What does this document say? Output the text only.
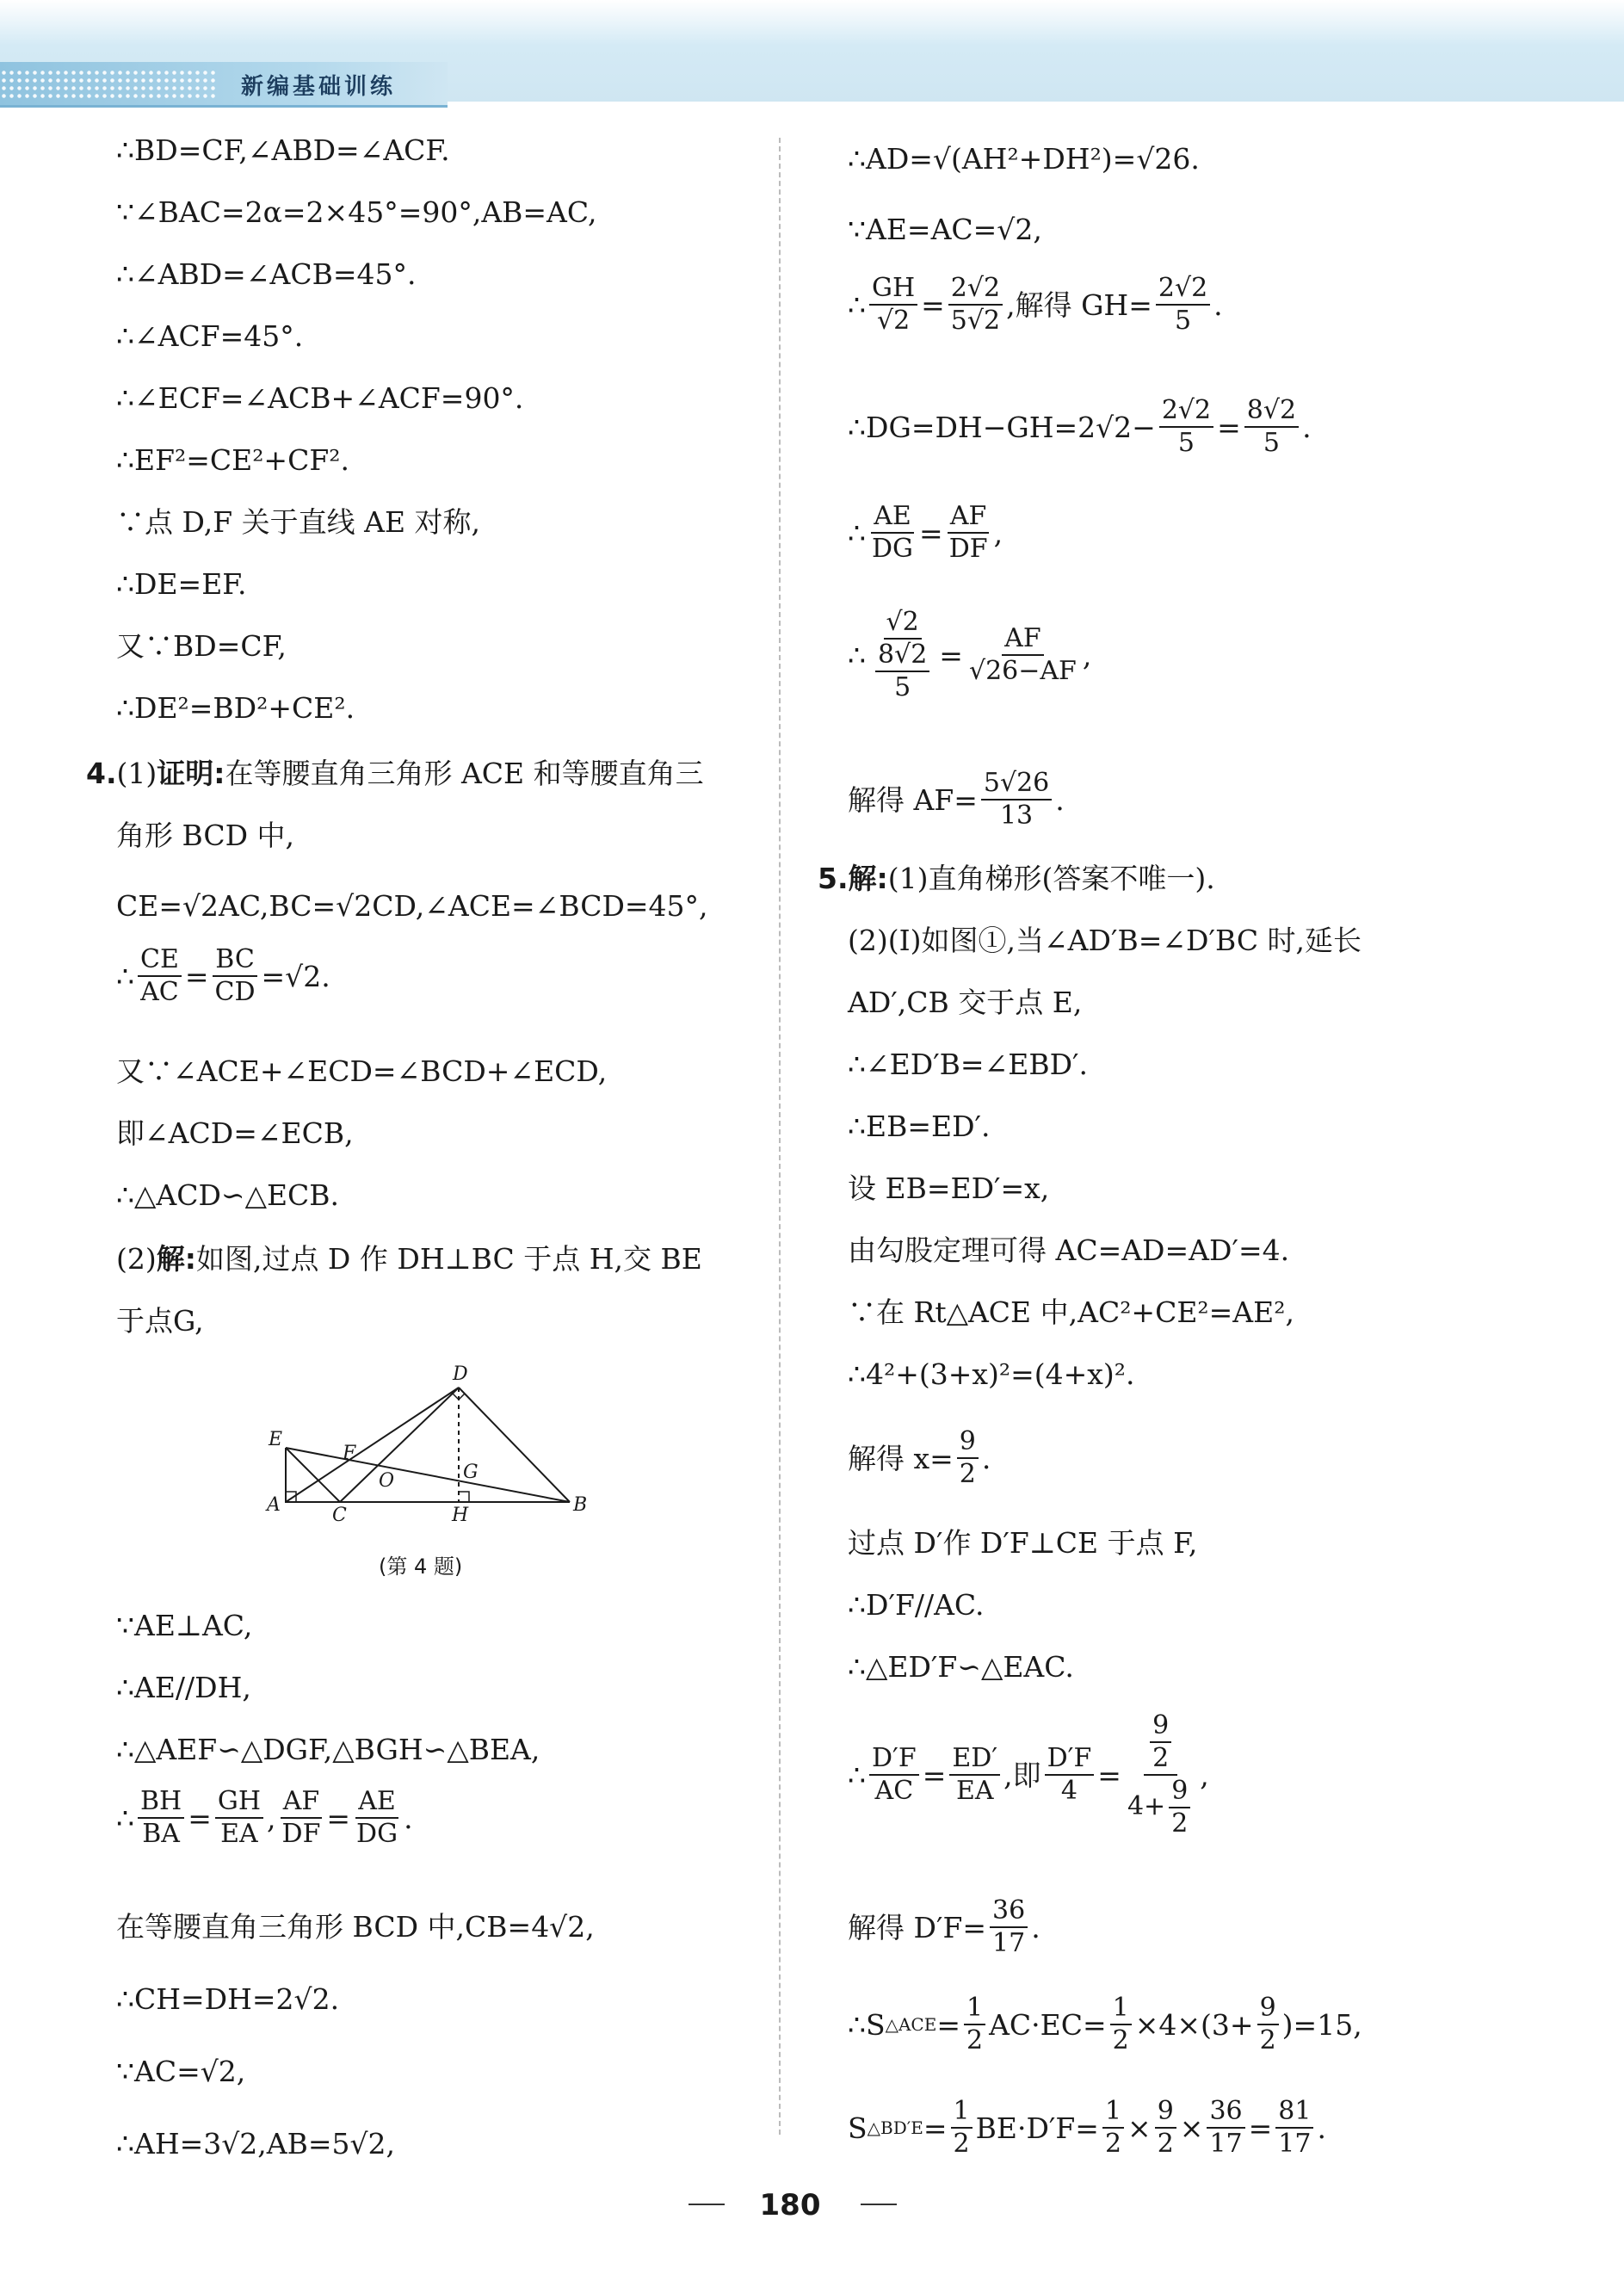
新编基础训练
∴BD=CF,∠ABD=∠ACF.
∵∠BAC=2α=2×45°=90°,AB=AC,
∴∠ABD=∠ACB=45°.
∴∠ACF=45°.
∴∠ECF=∠ACB+∠ACF=90°.
∴EF²=CE²+CF².
∵点 D,F 关于直线 AE 对称,
∴DE=EF.
又∵BD=CF,
∴DE²=BD²+CE².
4. (1) 证明: 在等腰直角三角形 ACE 和等腰直角三
角形 BCD 中,
CE=√2AC,BC=√2CD,∠ACE=∠BCD=45°,
∴ $\frac{CE}{AC} = \frac{BC}{CD} =√2$.
又∵∠ACE+∠ECD=∠BCD+∠ECD,
即∠ACD=∠ECB,
∴△ACD∽△ECB.
(2) 解: 如图,过点 D 作 DH⊥BC 于点 H,交 BE
于点G,
D
E
F
O	G
A	C	H	B
(第 4 题)
∵AE⊥AC,
∴AE//DH,
∴△AEF∽△DGF,△BGH∽△BEA,
∴ $\frac{BH}{BA} = \frac{GH}{EA}$ , $\frac{AF}{DF} = \frac{AE}{DG}$ .
在等腰直角三角形 BCD 中,CB=4√2,
∴CH=DH=2√2.
∵AC=√2,
∴AH=3√2,AB=5√2,
∴AD=√(AH²+DH²)=√26.
∵AE=AC=√2,
∴ $\frac{GH}{√2} = \frac{2√2}{5√2}$ ,解得 $GH= \frac{2√2}{5}$ .
∴DG=DH−GH=2√2− $\frac{2√2}{5} = \frac{8√2}{5}$ .
∴ $\frac{AE}{DG} = \frac{AF}{DF}$ ,
∴ $\frac{√2}{\frac{8√2}{5}} = \frac{AF}{√26-AF}$ ,
解得 $AF= \frac{5√26}{13}$ .
5. 解: (1)直角梯形(答案不唯一).
(2)(Ⅰ)如图①,当∠AD′B=∠D′BC 时,延长
AD′,CB 交于点 E,
∴∠ED′B=∠EBD′.
∴EB=ED′.
设 EB=ED′=x,
由勾股定理可得 AC=AD=AD′=4.
∵在 Rt△ACE 中,AC²+CE²=AE²,
∴4²+(3+x)²=(4+x)².
解得 $x= \frac{9}{2}$ .
过点 D′作 D′F⊥CE 于点 F,
∴D′F//AC.
∴△ED′F∽△EAC.
∴ $\frac{D'F}{AC} = \frac{ED'}{EA}$ ,即 $\frac{D'F}{4} = \frac{\frac{9}{2}}{4+ \frac{9}{2}}$ ,
解得 $D'F= \frac{36}{17}$ .
∴S △ACE = $\frac{1}{2} AC\cdot EC= \frac{1}{2} \times 4\times (3+ \frac{9}{2} )=15$,
S △BD′E = $\frac{1}{2} BE\cdot D'F= \frac{1}{2} \times \frac{9}{2} \times \frac{36}{17} = \frac{81}{17}$ .
180
